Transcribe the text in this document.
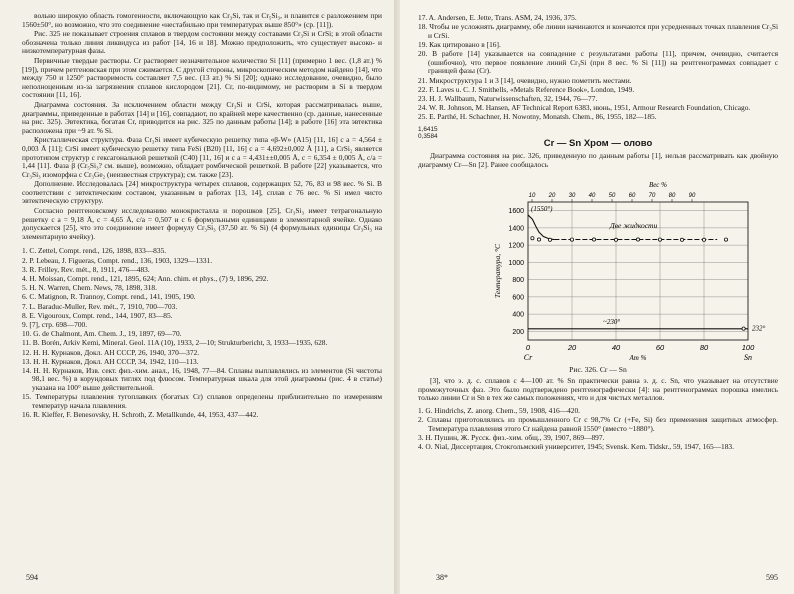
вольно широкую область гомогенности, включающую как Cr₃Si, так и Cr₅Si₃, и плавится с разложением при 1560±50°, но возможно, что это соединение «нестабильно при температурах выше 850°» (ср. [11]).

Рис. 325 не показывает строения сплавов в твердом состоянии между составами Cr₃Si и CrSi; в этой области обозначена только линия ликвидуса из работ [14, 16 и 18]. Можно предположить, что существует высоко- и низкотемпературная фазы.

Первичные твердые растворы. Cr растворяет незначительное количество Si [11] (примерно 1 вес. (1,8 ат.) % [19]), причем ретгеновская при этом сжимается. С другой стороны, микроскопическим методом найдено [14], что между 750 и 1250° растворимость составляет 7,5 вес. (13 ат.) % Si [20]; однако исследование, очевидно, было неполноценным из-за загрязнения сплавов кислородом [21]. Cr, по-видимому, не растворим в Si в твердом состоянии [11, 16].

Диаграмма состояния. За исключением области между Cr₃Si и CrSi, которая рассматривалась выше, диаграммы, приведенные в работах [14] и [16], совпадают, по крайней мере качественно (ср. данные, нанесенные на рис. 325). Эвтектика, богатая Cr, приводится на рис. 325 по данным работы [14]; в работе [16] эта эвтектика расположена при ~9 ат. % Si.

Кристаллическая структура. Фаза Cr₃Si имеет кубическую решетку типа «β-W» (A15) [11, 16] с a = 4,564 ± 0,003 Å [11]; CrSi имеет кубическую решетку типа FeSi (B20) [11, 16] с a = 4,692±0,002 Å [11], а CrSi₂ является прототипом структур с гексагональной решеткой (C40) [11, 16] и c a = 4,431±±0,005 Å, c = 6,354 ± 0,005 Å, c/a = 1,44 [11]. Фаза β (Cr₅Si₃? см. выше), возможно, обладает ромбической решеткой. В работе [22] указывается, что Cr₃Si₃ изоморфна с Cr₃Ge₂ (неизвестная структура); см. также [23].

Дополнение. Исследовалась [24] микроструктура четырех сплавов, содержащих 52, 76, 83 и 98 вес. % Si. В соответствии с эвтектическим составом, указанным в работах [13, 14], сплав с 76 вес. % Si имел чисто эвтектическую структуру.

Согласно рентгеновскому исследованию монокристалла и порошков [25], Cr₃Si₃ имеет тетрагональную решетку с a = 9,18 Å, c = 4,65 Å, c/a = 0,507 и с 6 формульными единицами в элементарной ячейке. Однако допускается [25], что это соединение имеет формулу Cr₃Si₃ (37,50 ат. % Si) (4 формульных единицы Cr₃Si₃ на элементарную ячейку).

1. C. Zettel, Compt. rend., 126, 1898, 833—835.
2. P. Lebeau, J. Figueras, Compt. rend., 136, 1903, 1329—1331.
3. R. Frilley, Rev. mét., 8, 1911, 476—483.
4. H. Moissan, Compt. rend., 121, 1895, 624; Ann. chim. et phys., (7) 9, 1896, 292.
5. H. N. Warren, Chem. News, 78, 1898, 318.
6. C. Matignon, R. Trannoy, Compt. rend., 141, 1905, 190.
7. L. Baraduc-Muller, Rev. mét., 7, 1910, 700—703.
8. E. Vigouroux, Compt. rend., 144, 1907, 83—85.
9. [7], стр. 698—700.
10. G. de Chalmont, Am. Chem. J., 19, 1897, 69—70.
11. B. Borén, Arkiv Kemi, Mineral. Geol. 11A (10), 1933, 2—10; Strukturbericht, 3, 1933—1935, 628.
12. Н. Н. Курнаков, Докл. АН СССР, 26, 1940, 370—372.
13. Н. Н. Курнаков, Докл. АН СССР, 34, 1942, 110—113.
14. Н. Н. Курнаков, Изв. сект. физ.-хим. анал., 16, 1948, 77—84. Сплавы выплавлялись из элементов (Si чистоты 98,1 вес. %) в корундовых тиглях под флюсом. Температурная шкала для этой диаграммы (рис. 4 в статье) указана на 100° выше действительной.
15. Температуры плавления тугоплавких (богатых Cr) сплавов определены приблизительно по измерениям температур начала плавления.
16. R. Kieffer, F. Benesovsky, H. Schroth, Z. Metallkunde, 44, 1953, 437—442.
594
17. A. Andersen, E. Jette, Trans. ASM, 24, 1936, 375.
18. Чтобы не усложнять диаграмму, обе линии начинаются и кончаются при усредненных точках плавления Cr₃Si и CrSi.
19. Как цитировано в [16].
20. В работе [14] указывается на совпадение с результатами работы [11], причем, очевидно, считается (ошибочно), что первое появление линий Cr₃Si (при 8 вес. % Si [11]) на рентгенограммах совпадает с границей фазы (Cr).
21. Микроструктура 1 и 3 [14], очевидно, нужно пометить местами.
22. F. Laves u. C. J. Smithells, «Metals Reference Book», London, 1949.
23. H. J. Wallbaum, Naturwissenschaften, 32, 1944, 76—77.
24. W. R. Johnson, M. Hansen, AF Technical Report 6383, июнь, 1951, Armour Research Foundation, Chicago.
25. E. Parthé, H. Schachner, H. Nowotny, Monatsh. Chem., 86, 1955, 182—185.
1,6415
0,3584
Cr — Sn Хром — олово

Диаграмма состояния на рис. 326, приведенную по данным работы [1], нельзя рассматривать как двойную диаграмму Cr—Sn [2]. Ранее сообщалось

200
400
600
800
1000
1200
1400
1600
0	20	40	60	80	100
10 20 30 40 50 60 70 80 90
Вес %
Ат %
Cr	Sn
Температура, °C
(1550°)
Две жидкости
~230°
232°
Рис. 326. Cr — Sn

[3], что э. д. с. сплавов с 4—100 ат. % Sn практически равна э. д. с. Sn, что указывает на отсутствие промежуточных фаз. Это было подтверждено рентгенографически [4]: на рентгенограммах порошка имелись только линии Cr и Sn в тех же самых положениях, что и для чистых металлов.

1. G. Hindrichs, Z. anorg. Chem., 59, 1908, 416—420.
2. Сплавы приготовлялись из промышленного Cr с 98,7% Cr (+Fe, Si) без применения защитных атмосфер. Температура плавления этого Cr найдена равной 1550° (вместо ~1880°).
3. Н. Пушин, Ж. Русск. физ.-хим. общ., 39, 1907, 869—897.
4. O. Nial, Диссертация, Стокгольмский университет, 1945; Svensk. Kem. Tidskr., 59, 1947, 165—183.
38*	595
